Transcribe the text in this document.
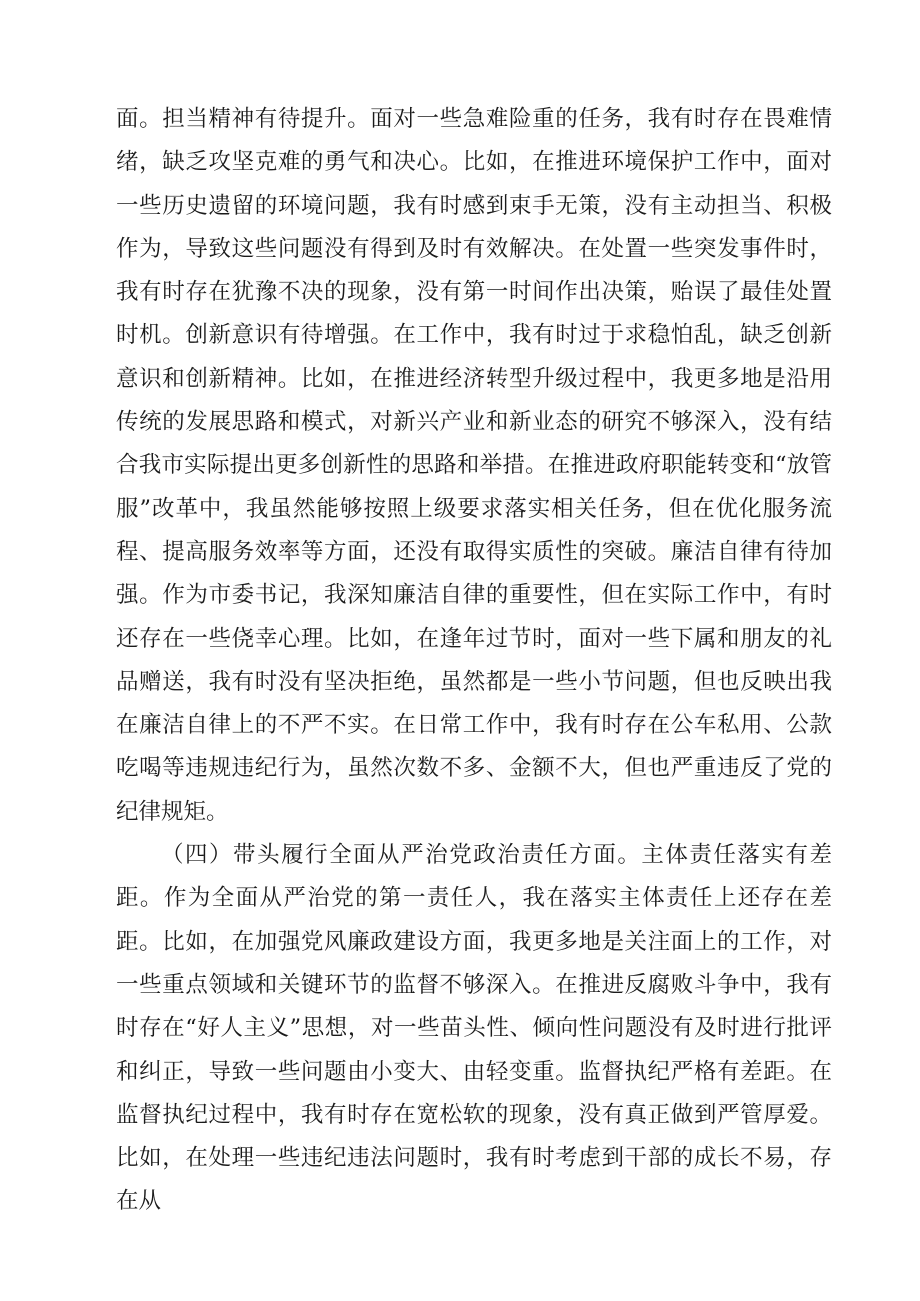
面。担当精神有待提升。面对一些急难险重的任务，我有时存在畏难情绪，缺乏攻坚克难的勇气和决心。比如，在推进环境保护工作中，面对一些历史遗留的环境问题，我有时感到束手无策，没有主动担当、积极作为，导致这些问题没有得到及时有效解决。在处置一些突发事件时，我有时存在犹豫不决的现象，没有第一时间作出决策，贻误了最佳处置时机。创新意识有待增强。在工作中，我有时过于求稳怕乱，缺乏创新意识和创新精神。比如，在推进经济转型升级过程中，我更多地是沿用传统的发展思路和模式，对新兴产业和新业态的研究不够深入，没有结合我市实际提出更多创新性的思路和举措。在推进政府职能转变和“放管服”改革中，我虽然能够按照上级要求落实相关任务，但在优化服务流程、提高服务效率等方面，还没有取得实质性的突破。廉洁自律有待加强。作为市委书记，我深知廉洁自律的重要性，但在实际工作中，有时还存在一些侥幸心理。比如，在逢年过节时，面对一些下属和朋友的礼品赠送，我有时没有坚决拒绝，虽然都是一些小节问题，但也反映出我在廉洁自律上的不严不实。在日常工作中，我有时存在公车私用、公款吃喝等违规违纪行为，虽然次数不多、金额不大，但也严重违反了党的纪律规矩。

（四）带头履行全面从严治党政治责任方面。主体责任落实有差距。作为全面从严治党的第一责任人，我在落实主体责任上还存在差距。比如，在加强党风廉政建设方面，我更多地是关注面上的工作，对一些重点领域和关键环节的监督不够深入。在推进反腐败斗争中，我有时存在“好人主义”思想，对一些苗头性、倾向性问题没有及时进行批评和纠正，导致一些问题由小变大、由轻变重。监督执纪严格有差距。在监督执纪过程中，我有时存在宽松软的现象，没有真正做到严管厚爱。比如，在处理一些违纪违法问题时，我有时考虑到干部的成长不易，存在从
